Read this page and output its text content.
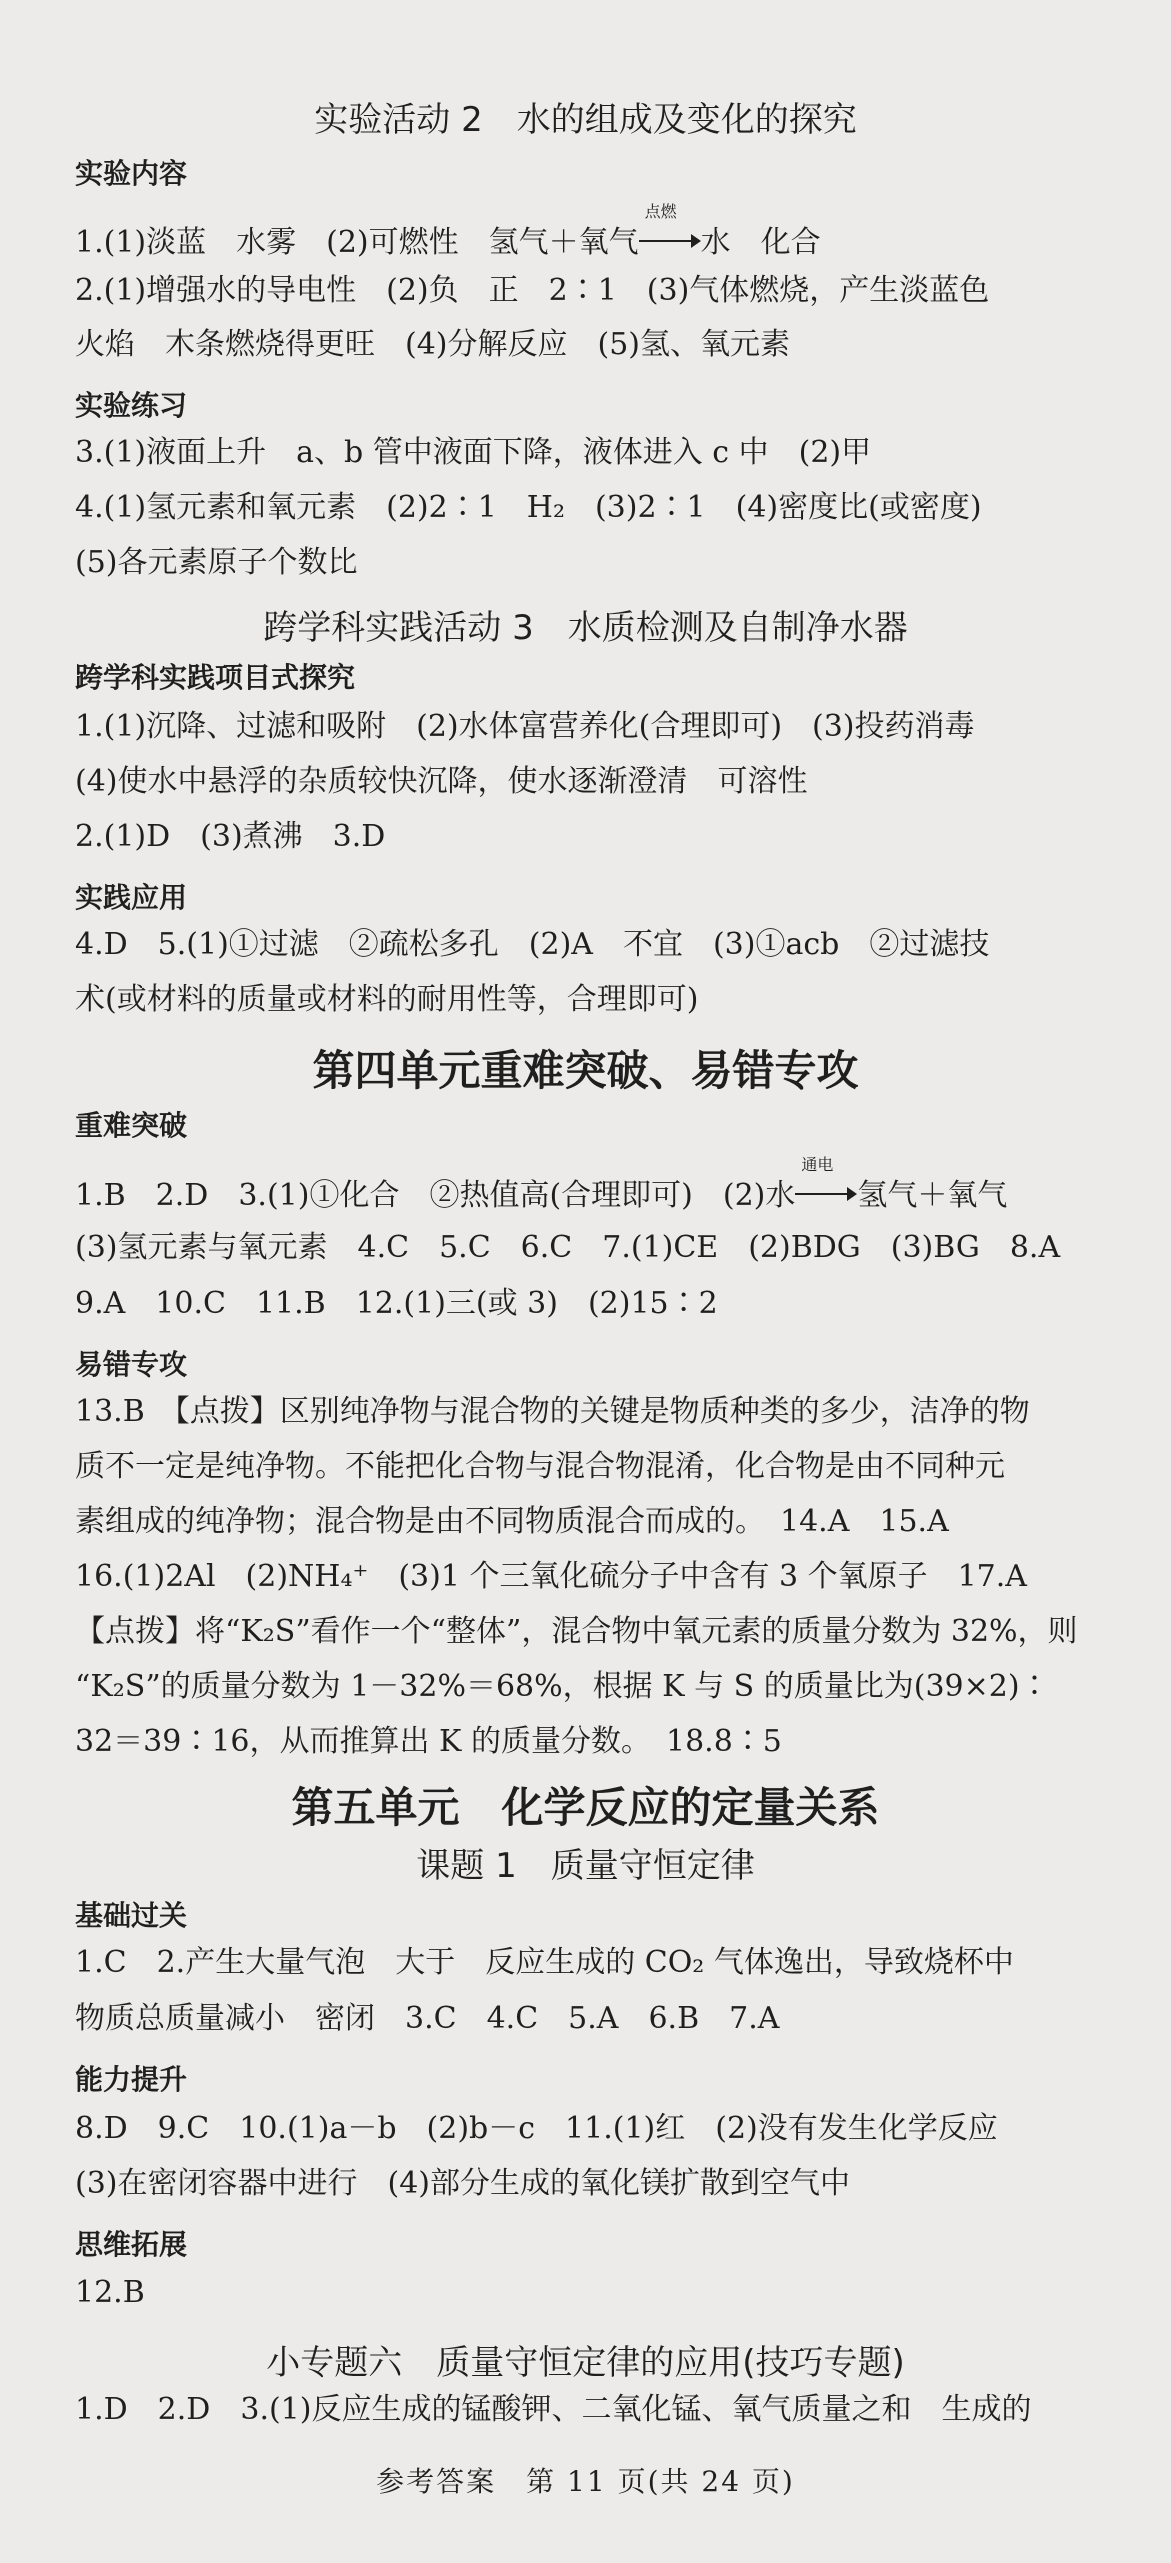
实验活动 2　水的组成及变化的探究
实验内容
1.(1)淡蓝　水雾　(2)可燃性　氢气＋氧气
点燃
水　化合
2.(1)增强水的导电性　(2)负　正　2∶1　(3)气体燃烧，产生淡蓝色
火焰　木条燃烧得更旺　(4)分解反应　(5)氢、氧元素
实验练习
3.(1)液面上升　a、b 管中液面下降，液体进入 c 中　(2)甲
4.(1)氢元素和氧元素　(2)2∶1　H₂　(3)2∶1　(4)密度比(或密度)
(5)各元素原子个数比
跨学科实践活动 3　水质检测及自制净水器
跨学科实践项目式探究
1.(1)沉降、过滤和吸附　(2)水体富营养化(合理即可)　(3)投药消毒
(4)使水中悬浮的杂质较快沉降，使水逐渐澄清　可溶性
2.(1)D　(3)煮沸　3.D
实践应用
4.D　5.(1)①过滤　②疏松多孔　(2)A　不宜　(3)①acb　②过滤技
术(或材料的质量或材料的耐用性等，合理即可)
第四单元重难突破、易错专攻
重难突破
1.B　2.D　3.(1)①化合　②热值高(合理即可)　(2)水
通电
氢气＋氧气
(3)氢元素与氧元素　4.C　5.C　6.C　7.(1)CE　(2)BDG　(3)BG　8.A
9.A　10.C　11.B　12.(1)三(或 3)　(2)15∶2
易错专攻
13.B　【点拨】区别纯净物与混合物的关键是物质种类的多少，洁净的物
质不一定是纯净物。不能把化合物与混合物混淆，化合物是由不同种元
素组成的纯净物；混合物是由不同物质混合而成的。　14.A　15.A
16.(1)2Al　(2)NH₄⁺　(3)1 个三氧化硫分子中含有 3 个氧原子　17.A
【点拨】将“K₂S”看作一个“整体”，混合物中氧元素的质量分数为 32%，则
“K₂S”的质量分数为 1－32%＝68%，根据 K 与 S 的质量比为(39×2)∶
32＝39∶16，从而推算出 K 的质量分数。　18.8∶5
第五单元　化学反应的定量关系
课题 1　质量守恒定律
基础过关
1.C　2.产生大量气泡　大于　反应生成的 CO₂ 气体逸出，导致烧杯中
物质总质量减小　密闭　3.C　4.C　5.A　6.B　7.A
能力提升
8.D　9.C　10.(1)a－b　(2)b－c　11.(1)红　(2)没有发生化学反应
(3)在密闭容器中进行　(4)部分生成的氧化镁扩散到空气中
思维拓展
12.B
小专题六　质量守恒定律的应用(技巧专题)
1.D　2.D　3.(1)反应生成的锰酸钾、二氧化锰、氧气质量之和　生成的
参考答案　第 11 页(共 24 页)
